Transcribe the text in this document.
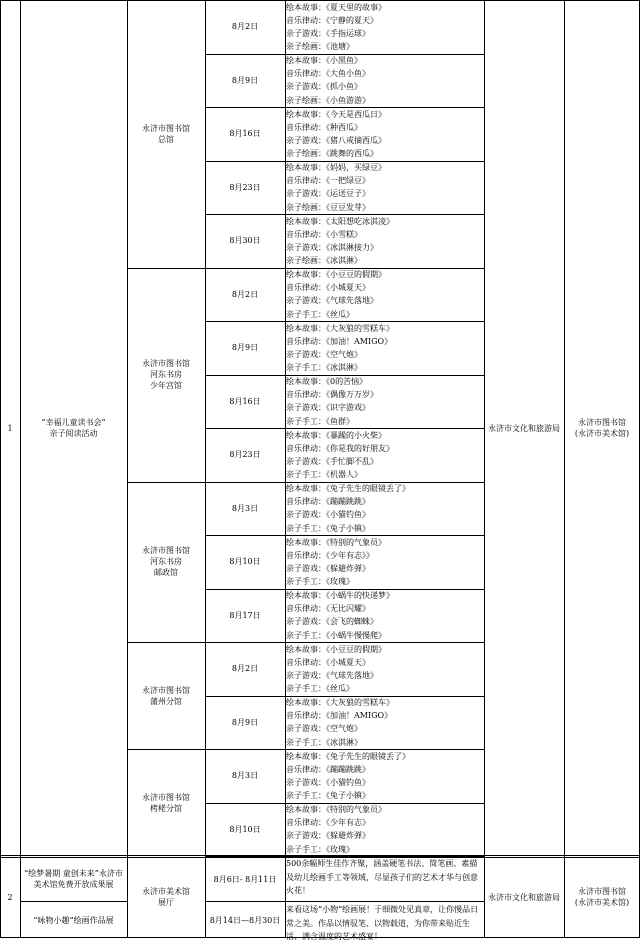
1
“幸福儿童读书会”
亲子阅读活动
永济市文化和旅游局
永济市图书馆
(永济市美术馆)
永济市图书馆
总馆
永济市图书馆
河东书房
少年宫馆
永济市图书馆
河东书房
邮政馆
永济市图书馆
蒲州分馆
永济市图书馆
栲栳分馆
2
“绘梦暑期 童创未来”永济市
美术馆免费开放成果展
“咏物小趣”绘画作品展
永济市美术馆
展厅
8月6日- 8月11日
8月14日—8月30日
500余幅师生佳作齐聚，涵盖硬笔书法、简笔画、素描及幼儿绘画手工等领域，尽显孩子们的艺术才华与创意火花！
来看这场“小物”绘画展！于细微处见真章，让你慢品日常之美。作品以情驭笔、以物载道，为你带来贴近生
永济市文化和旅游局
永济市图书馆
(永济市美术馆)
8月2日
绘本故事：《夏天里的故事》
音乐律动：《宁静的夏天》
亲子游戏：《手指运球》
亲子绘画：《池塘》
8月9日
绘本故事：《小黑鱼》
音乐律动：《大鱼小鱼》
亲子游戏：《抓小鱼》
亲子绘画：《小鱼游游》
8月16日
绘本故事：《今天是西瓜日》
音乐律动：《种西瓜》
亲子游戏：《猪八戒摘西瓜》
亲子绘画：《跳舞的西瓜》
8月23日
绘本故事：《妈妈，买绿豆》
音乐律动：《一把绿豆》
亲子游戏：《运送豆子》
亲子绘画：《豆豆发芽》
8月30日
绘本故事：《太阳想吃冰淇凌》
音乐律动：《小雪糕》
亲子游戏：《冰淇淋接力》
亲子绘画：《冰淇淋》
8月2日
绘本故事：《小豆豆的假期》
音乐律动：《小城夏天》
亲子游戏：《气球先落地》
亲子手工：《丝瓜》
8月9日
绘本故事：《大灰狼的雪糕车》
音乐律动：《加油！AMIGO》
亲子游戏：《空气炮》
亲子手工：《冰淇淋》
8月16日
绘本故事：《0的苦恼》
音乐律动：《偶像万万岁》
亲子游戏：《识字游戏》
亲子手工：《鱼群》
8月23日
绘本故事：《暴躁的小火柴》
音乐律动：《你是我的好朋友》
亲子游戏：《手忙脚不乱》
亲子手工：《机器人》
8月3日
绘本故事：《兔子先生的眼镜丢了》
音乐律动：《蹦蹦跳跳》
亲子游戏：《小猫钓鱼》
亲子手工：《兔子小镇》
8月10日
绘本故事：《特别的气象员》
音乐律动：《少年有志》》
亲子游戏：《躲避炸弹》
亲子手工：《玫瑰》
8月17日
绘本故事：《小蜗牛的快递梦》
音乐律动：《无比闪耀》
亲子游戏：《会飞的蜘蛛》
亲子手工：《小蜗牛慢慢爬》
8月2日
绘本故事：《小豆豆的假期》
音乐律动：《小城夏天》
亲子游戏：《气球先落地》
亲子手工：《丝瓜》
8月9日
绘本故事：《大灰狼的雪糕车》
音乐律动：《加油！AMIGO》
亲子游戏：《空气炮》
亲子手工：《冰淇淋》
8月3日
绘本故事：《兔子先生的眼镜丢了》
音乐律动：《蹦蹦跳跳》
亲子游戏：《小猫钓鱼》
亲子手工：《兔子小镇》
8月10日
绘本故事：《特别的气象员》
音乐律动：《少年有志》
亲子游戏：《躲避炸弹》
亲子手工：《玫瑰》
